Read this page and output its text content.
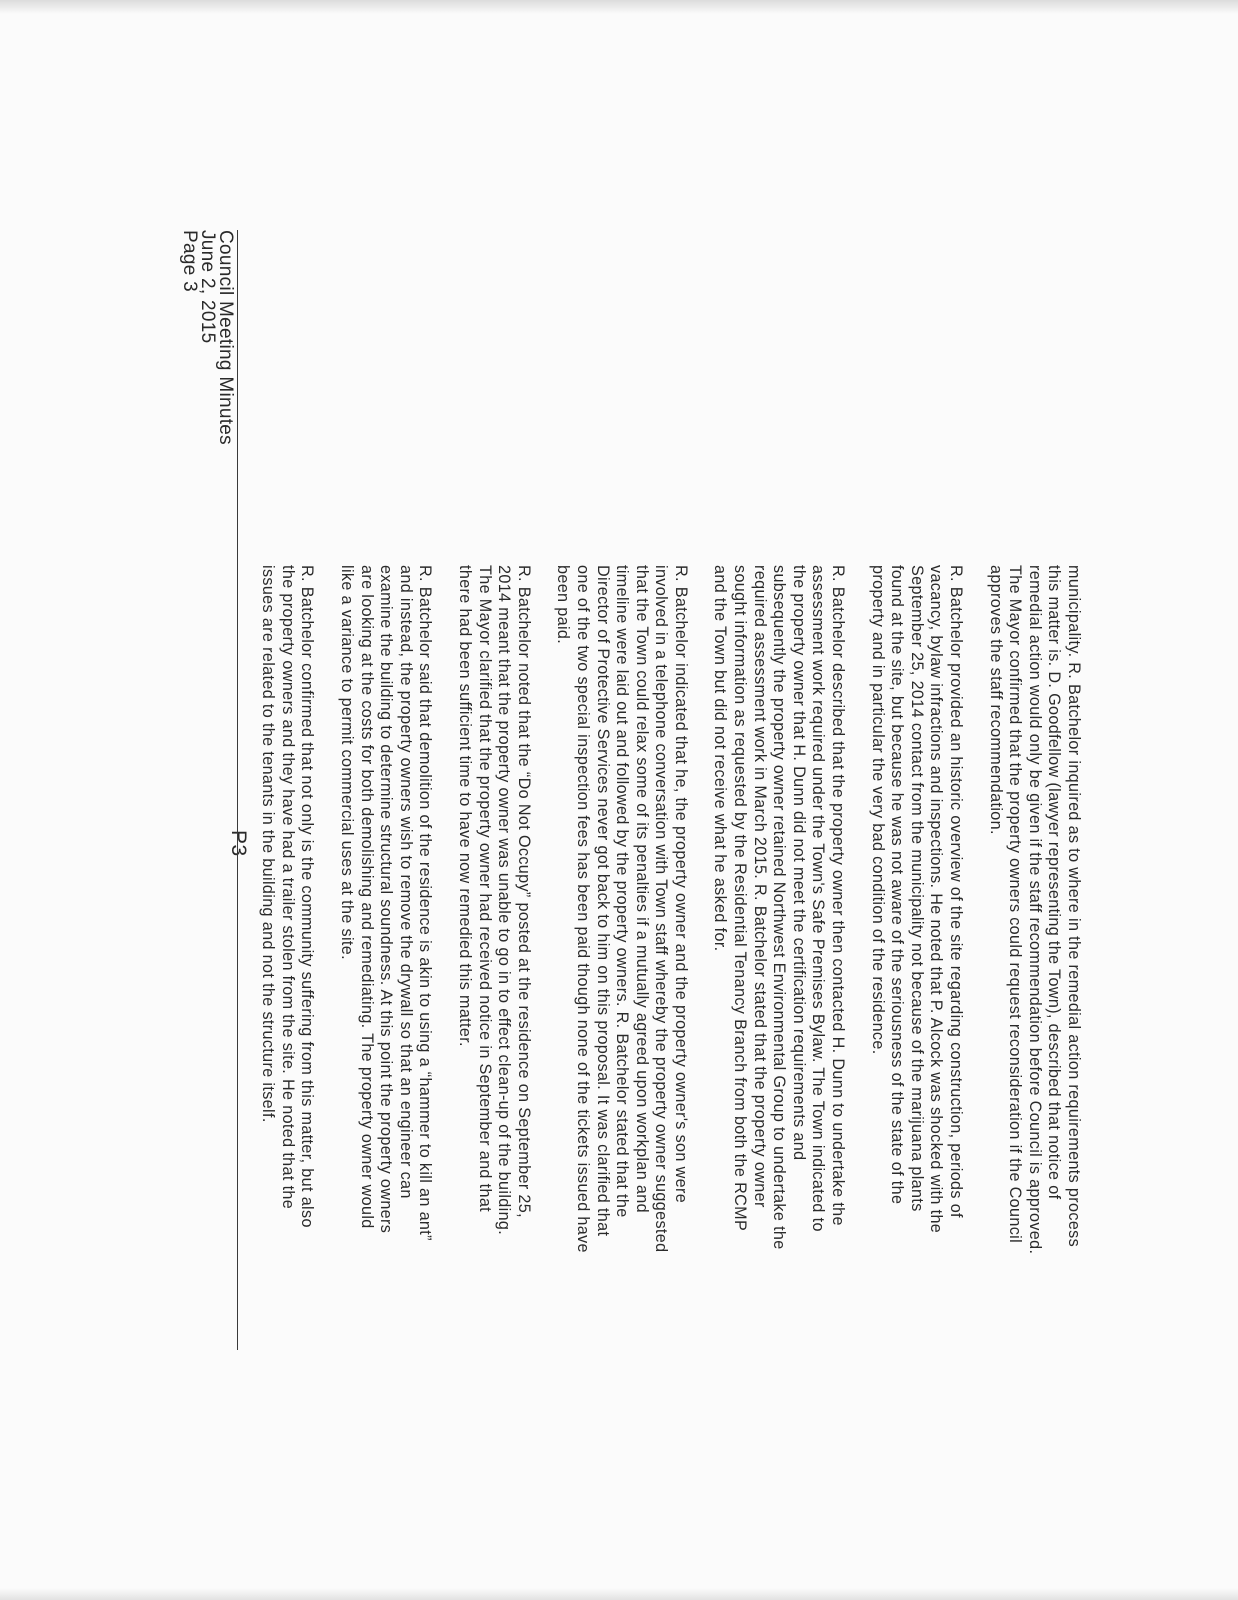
Council Meeting Minutes
June 2, 2015
Page 3
P3	municipality. R. Batchelor inquired as to where in the remedial action requirements process this matter is. D. Goodfellow (lawyer representing the Town), described that notice of remedial action would only be given if the staff recommendation before Council is approved. The Mayor confirmed that the property owners could request reconsideration if the Council approves the staff recommendation.

R. Batchelor provided an historic overview of the site regarding construction, periods of vacancy, bylaw infractions and inspections. He noted that P. Alcock was shocked with the September 25, 2014 contact from the municipality not because of the marijuana plants found at the site, but because he was not aware of the seriousness of the state of the property and in particular the very bad condition of the residence.

R. Batchelor described that the property owner then contacted H. Dunn to undertake the assessment work required under the Town's Safe Premises Bylaw. The Town indicated to the property owner that H. Dunn did not meet the certification requirements and subsequently the property owner retained Northwest Environmental Group to undertake the required assessment work in March 2015. R. Batchelor stated that the property owner sought information as requested by the Residential Tenancy Branch from both the RCMP and the Town but did not receive what he asked for.

R. Batchelor indicated that he, the property owner and the property owner's son were involved in a telephone conversation with Town staff whereby the property owner suggested that the Town could relax some of its penalties if a mutually agreed upon workplan and timeline were laid out and followed by the property owners. R. Batchelor stated that the Director of Protective Services never got back to him on this proposal. It was clarified that one of the two special inspection fees has been paid though none of the tickets issued have been paid.

R. Batchelor noted that the “Do Not Occupy” posted at the residence on September 25, 2014 meant that the property owner was unable to go in to effect clean-up of the building. The Mayor clarified that the property owner had received notice in September and that there had been sufficient time to have now remedied this matter.

R. Batchelor said that demolition of the residence is akin to using a “hammer to kill an ant” and instead, the property owners wish to remove the drywall so that an engineer can examine the building to determine structural soundness. At this point the property owners are looking at the costs for both demolishing and remediating. The property owner would like a variance to permit commercial uses at the site.

R. Batchelor confirmed that not only is the community suffering from this matter, but also the property owners and they have had a trailer stolen from the site. He noted that the issues are related to the tenants in the building and not the structure itself.
